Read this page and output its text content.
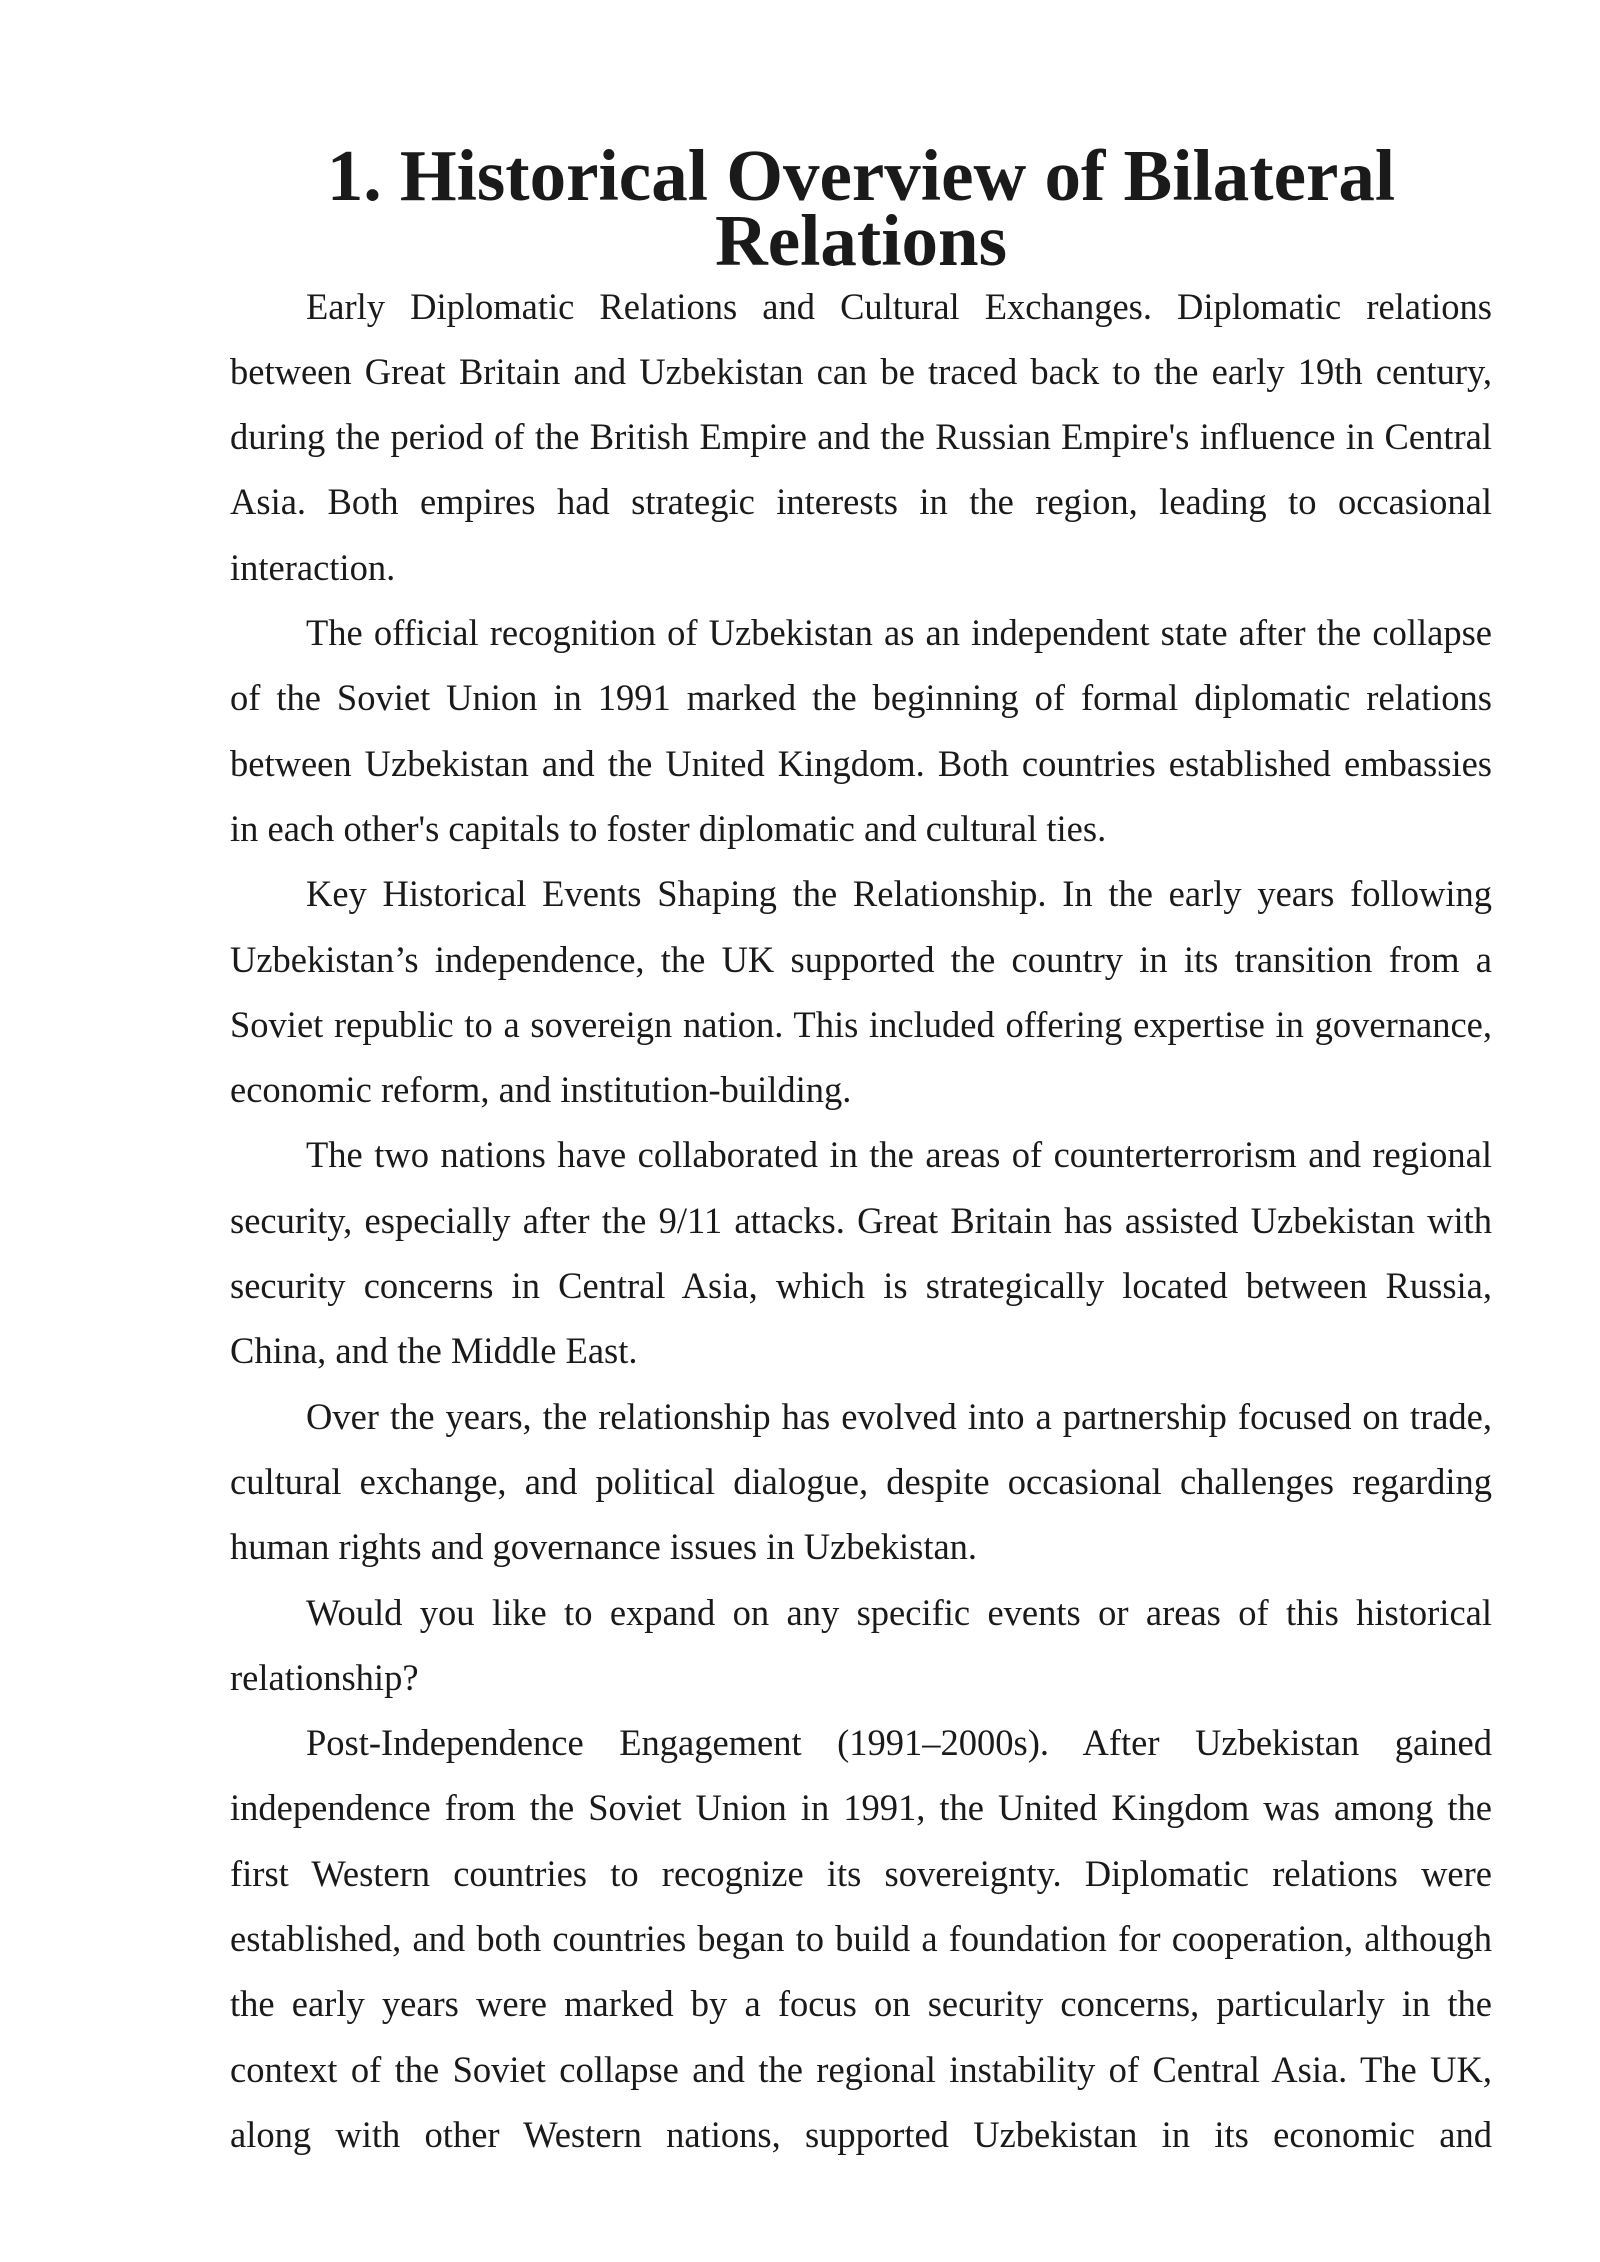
1. Historical Overview of Bilateral Relations

Early Diplomatic Relations and Cultural Exchanges. Diplomatic relations between Great Britain and Uzbekistan can be traced back to the early 19th century, during the period of the British Empire and the Russian Empire's influence in Central Asia. Both empires had strategic interests in the region, leading to occasional interaction.

The official recognition of Uzbekistan as an independent state after the collapse of the Soviet Union in 1991 marked the beginning of formal diplomatic relations between Uzbekistan and the United Kingdom. Both countries established embassies in each other's capitals to foster diplomatic and cultural ties.

Key Historical Events Shaping the Relationship. In the early years following Uzbekistan’s independence, the UK supported the country in its transition from a Soviet republic to a sovereign nation. This included offering expertise in governance, economic reform, and institution-building.

The two nations have collaborated in the areas of counterterrorism and regional security, especially after the 9/11 attacks. Great Britain has assisted Uzbekistan with security concerns in Central Asia, which is strategically located between Russia, China, and the Middle East.

Over the years, the relationship has evolved into a partnership focused on trade, cultural exchange, and political dialogue, despite occasional challenges regarding human rights and governance issues in Uzbekistan.

Would you like to expand on any specific events or areas of this historical relationship?

Post-Independence Engagement (1991–2000s). After Uzbekistan gained independence from the Soviet Union in 1991, the United Kingdom was among the first Western countries to recognize its sovereignty. Diplomatic relations were established, and both countries began to build a foundation for cooperation, although the early years were marked by a focus on security concerns, particularly in the context of the Soviet collapse and the regional instability of Central Asia. The UK, along with other Western nations, supported Uzbekistan in its economic and
